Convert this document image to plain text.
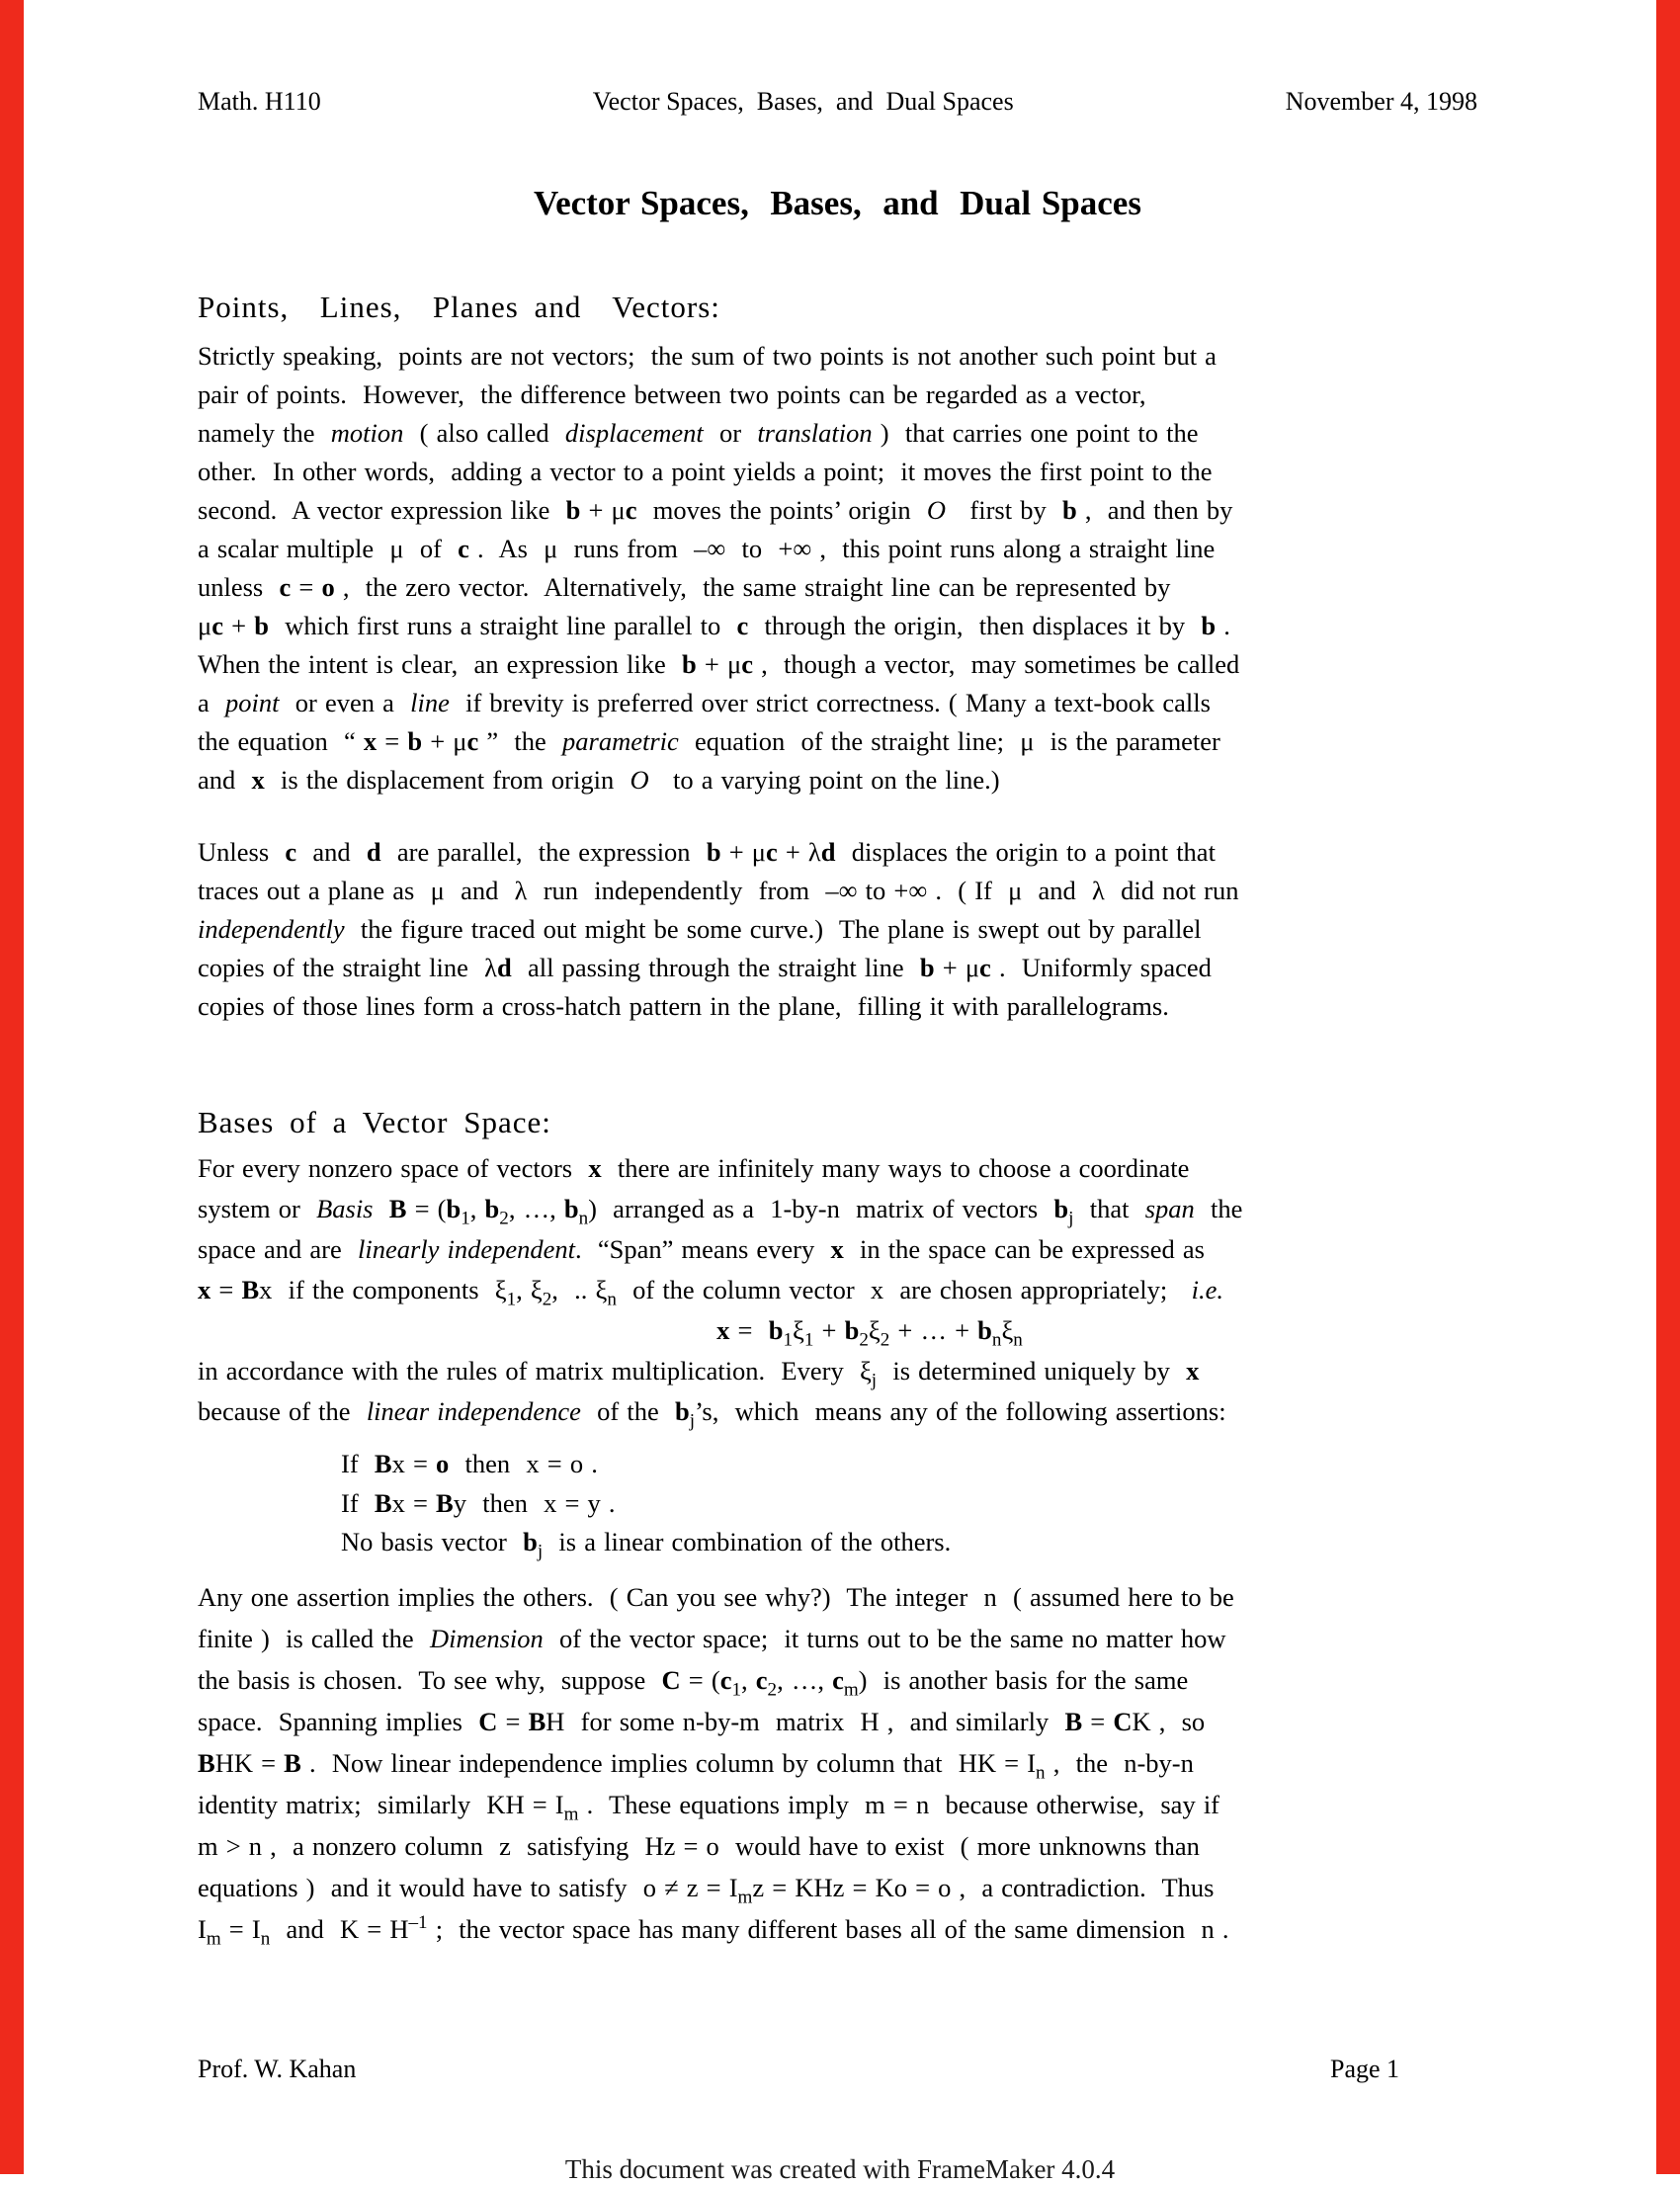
Math. H110	Vector Spaces,  Bases,  and  Dual Spaces	November 4, 1998
Vector Spaces,  Bases,  and  Dual Spaces
Points,  Lines,  Planes and  Vectors:
Strictly speaking,  points are not vectors;  the sum of two points is not another such point but a
pair of points.  However,  the difference between two points can be regarded as a vector,
namely the  motion  ( also called  displacement  or  translation )  that carries one point to the
other.  In other words,  adding a vector to a point yields a point;  it moves the first point to the
second.  A vector expression like  b + μc  moves the points’ origin  O   first by  b ,  and then by
a scalar multiple  μ  of  c .  As  μ  runs from  –∞  to  +∞ ,  this point runs along a straight line
unless  c = o ,  the zero vector.  Alternatively,  the same straight line can be represented by
μc + b  which first runs a straight line parallel to  c  through the origin,  then displaces it by  b .
When the intent is clear,  an expression like  b + μc ,  though a vector,  may sometimes be called
a  point  or even a  line  if brevity is preferred over strict correctness. ( Many a text-book calls
the equation  “ x = b + μc ”  the  parametric  equation  of the straight line;  μ  is the parameter
and  x  is the displacement from origin  O   to a varying point on the line.)
Unless  c  and  d  are parallel,  the expression  b + μc + λd  displaces the origin to a point that
traces out a plane as  μ  and  λ  run  independently  from  –∞ to +∞ .  ( If  μ  and  λ  did not run
independently  the figure traced out might be some curve.)  The plane is swept out by parallel
copies of the straight line  λd  all passing through the straight line  b + μc .  Uniformly spaced
copies of those lines form a cross-hatch pattern in the plane,  filling it with parallelograms.
Bases of a Vector Space:
For every nonzero space of vectors  x  there are infinitely many ways to choose a coordinate
system or  Basis $B = (b_1$, $b_2$, …, $b_n$)  arranged as a  1-by-n  matrix of vectors  $b_j$  that  span  the
space and are  linearly independent.  “Span” means every  x  in the space can be expressed as
x = Bx  if the components  $\xi_1$, $\xi_2$,  .. $\xi_n$  of the column vector  x  are chosen appropriately;   i.e.
$x = b_1\xi_1 + b_2\xi_2$ + … + $b_n\xi_n$
in accordance with the rules of matrix multiplication.  Every  $\xi_j$  is determined uniquely by  x
because of the  linear independence  of the  $b_j’s$,  which  means any of the following assertions:
If  Bx = o  then  x = o .
If  Bx = By  then  x = y .
No basis vector  $b_j$  is a linear combination of the others.
Any one assertion implies the others.  ( Can you see why?)  The integer  n  ( assumed here to be
finite )  is called the  Dimension  of the vector space;  it turns out to be the same no matter how
the basis is chosen.  To see why,  suppose  $C = (c_1$, $c_2$, …, $c_m$)  is another basis for the same
space.  Spanning implies  C = BH  for some n-by-m  matrix  H ,  and similarly  B = CK ,  so
BHK = B .  Now linear independence implies column by column that  HK = $I_n$ ,  the  n-by-n
identity matrix;  similarly  KH = $I_m$ .  These equations imply  m = n  because otherwise,  say if
m > n ,  a nonzero column  z  satisfying  Hz = o  would have to exist  ( more unknowns than
equations )  and it would have to satisfy  $o \ne z = I_mz$ = KHz = Ko = o ,  a contradiction.  Thus
$I_m = I_n$  and  $K = H^{-1}$ ;  the vector space has many different bases all of the same dimension  n .
Prof. W. Kahan	Page 1
This document was created with FrameMaker 4.0.4
